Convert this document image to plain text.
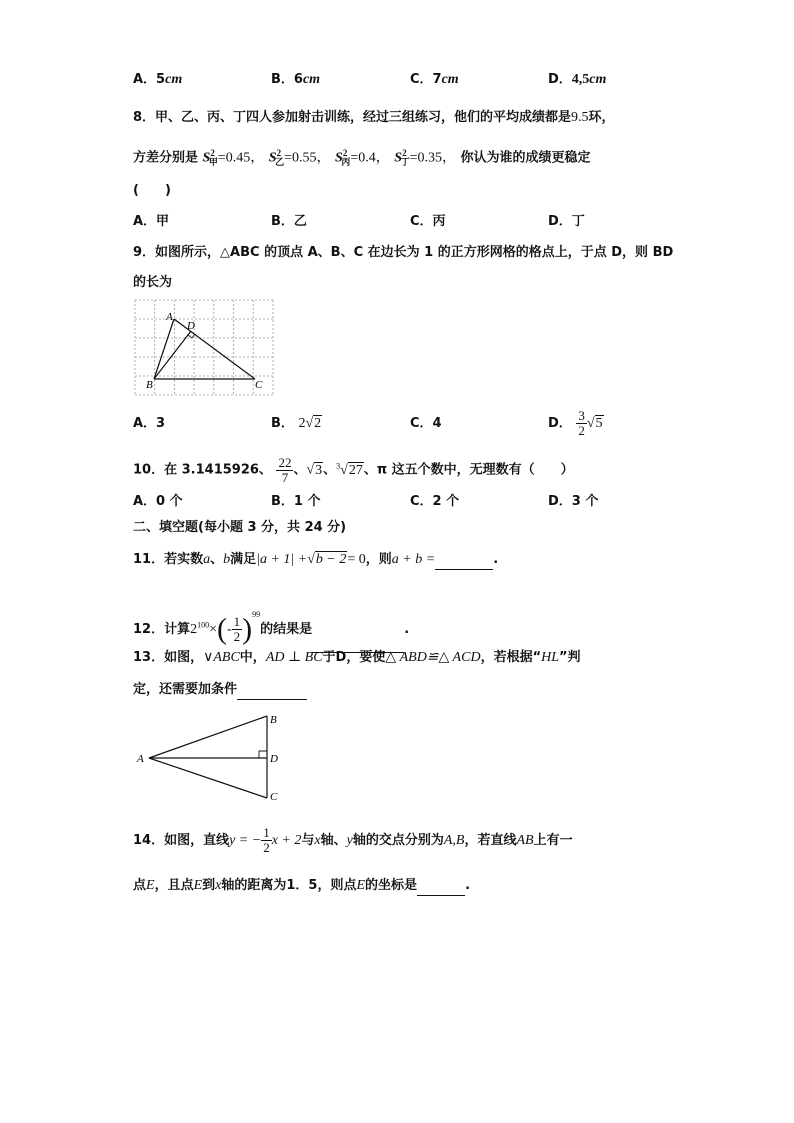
A．5cm	B．6cm	C．7cm	D．4,5cm
8．甲、乙、丙、丁四人参加射击训练，经过三组练习，他们的平均成绩都是9.5环，
方差分别是 $S^2_甲=0.45$， $S^2_乙=0.55$， $S^2_丙=0.4$， $S^2_丁=0.35$， 你认为谁的成绩更稳定
(　　)
A．甲	B．乙	C．丙	D．丁
9．如图所示，△ABC 的顶点 A、B、C 在边长为 1 的正方形网格的格点上，于点 D，则 BD
的长为
A
D
B	C
A．3	B． 2√2	C．4	D． $\frac{3}{2} √5$
10．在 3.1415926、 $\frac{22}{7}$ 、√3、$^3$√27、π 这五个数中，无理数有（　　）
A．0 个	B．1 个	C．2 个	D．3 个
二、填空题(每小题 3 分，共 24 分)
11．若实数a、b满足|a + 1| +√b − 2= 0，则a + b =	.
12．计算$2^{100}\times(- \frac{1}{2} )^{99}$的结果是	.
13．如图，∨ABC中，AD ⊥ BC于D，要使△ ABD≌△ ACD，若根据“HL”判
定，还需要加条件
A
B
D
C
14．如图，直线y = − $\frac{1}{2}$ x + 2与x轴、y轴的交点分别为A,B，若直线AB上有一
点E，且点E到x轴的距离为1．5，则点E的坐标是	.
